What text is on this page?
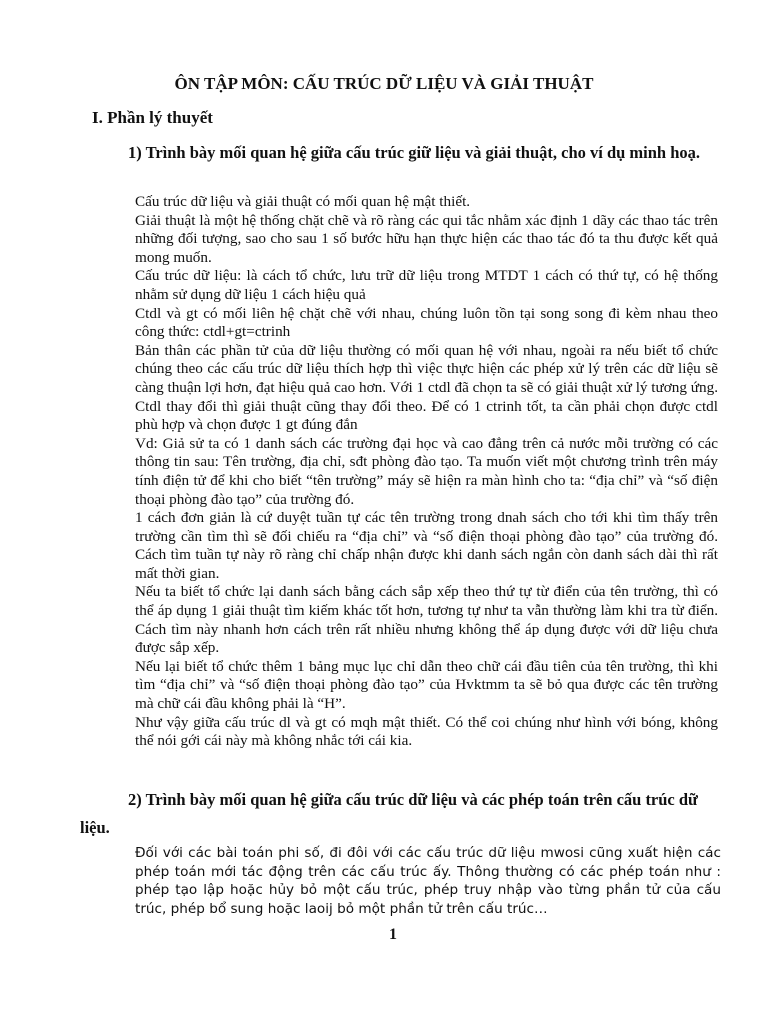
ÔN TẬP MÔN: CẤU TRÚC DỮ LIỆU VÀ GIẢI THUẬT
I. Phần lý thuyết
1) Trình bày mối quan hệ giữa cấu trúc giữ liệu và giải thuật, cho ví dụ minh hoạ.

Cấu trúc dữ liệu và giải thuật có mối quan hệ mật thiết.

Giải thuật là một hệ thống chặt chẽ và rõ ràng các qui tắc nhằm xác định 1 dãy các thao tác trên những đối tượng, sao cho sau 1 số bước hữu hạn thực hiện các thao tác đó ta thu được kết quả mong muốn.

Cấu trúc dữ liệu: là cách tổ chức, lưu trữ dữ liệu trong MTDT 1 cách có thứ tự, có hệ thống nhằm sử dụng dữ liệu 1 cách hiệu quả

Ctdl và gt có mối liên hệ chặt chẽ với nhau, chúng luôn tồn tại song song đi kèm nhau theo công thức: ctdl+gt=ctrinh

Bản thân các phần tử của dữ liệu thường có mối quan hệ với nhau, ngoài ra nếu biết tổ chức chúng theo các cấu trúc dữ liệu thích hợp thì việc thực hiện các phép xử lý trên các dữ liệu sẽ càng thuận lợi hơn, đạt hiệu quả cao hơn. Với 1 ctdl đã chọn ta sẽ có giải thuật xử lý tương ứng. Ctdl thay đổi thì giải thuật cũng thay đổi theo. Để có 1 ctrinh tốt, ta cần phải chọn được ctdl phù hợp và chọn được 1 gt đúng đắn

Vd: Giả sử ta có 1 danh sách các trường đại học và cao đẳng trên cả nước mỗi trường có các thông tin sau: Tên trường, địa chỉ, sđt phòng đào tạo. Ta muốn viết một chương trình trên máy tính điện tử để khi cho biết “tên trường” máy sẽ hiện ra màn hình cho ta: “địa chỉ” và “số điện thoại phòng đào tạo” của trường đó.

1 cách đơn giản là cứ duyệt tuần tự các tên trường trong dnah sách cho tới khi tìm thấy trên trường cần tìm thì sẽ đối chiếu ra “địa chỉ” và “số điện thoại phòng đào tạo” của trường đó. Cách tìm tuần tự này rõ ràng chỉ chấp nhận được khi danh sách ngắn còn danh sách dài thì rất mất thời gian.

Nếu ta biết tổ chức lại danh sách bằng cách sắp xếp theo thứ tự từ điển của tên trường, thì có thể áp dụng 1 giải thuật tìm kiếm khác tốt hơn, tương tự như ta vẫn thường làm khi tra từ điển. Cách tìm này nhanh hơn cách trên rất nhiều nhưng không thể áp dụng được với dữ liệu chưa được sắp xếp.

Nếu lại biết tổ chức thêm 1 bảng mục lục chỉ dẫn theo chữ cái đầu tiên của tên trường, thì khi tìm “địa chỉ” và “số điện thoại phòng đào tạo” của Hvktmm ta sẽ bỏ qua được các tên trường mà chữ cái đầu không phải là “H”.

Như vậy giữa cấu trúc dl và gt có mqh mật thiết. Có thể coi chúng như hình với bóng, không thể nói gới cái này mà không nhắc tới cái kia.

2) Trình bày mối quan hệ giữa cấu trúc dữ liệu và các phép toán trên cấu trúc dữ liệu.

Đối với các bài toán phi số, đi đôi với các cấu trúc dữ liệu mwosi cũng xuất hiện các phép toán mới tác động trên các cấu trúc ấy. Thông thường có các phép toán như : phép tạo lập hoặc hủy bỏ một cấu trúc, phép truy nhập vào từng phần tử của cấu trúc, phép bổ sung hoặc laoij bỏ một phần tử trên cấu trúc…

1
